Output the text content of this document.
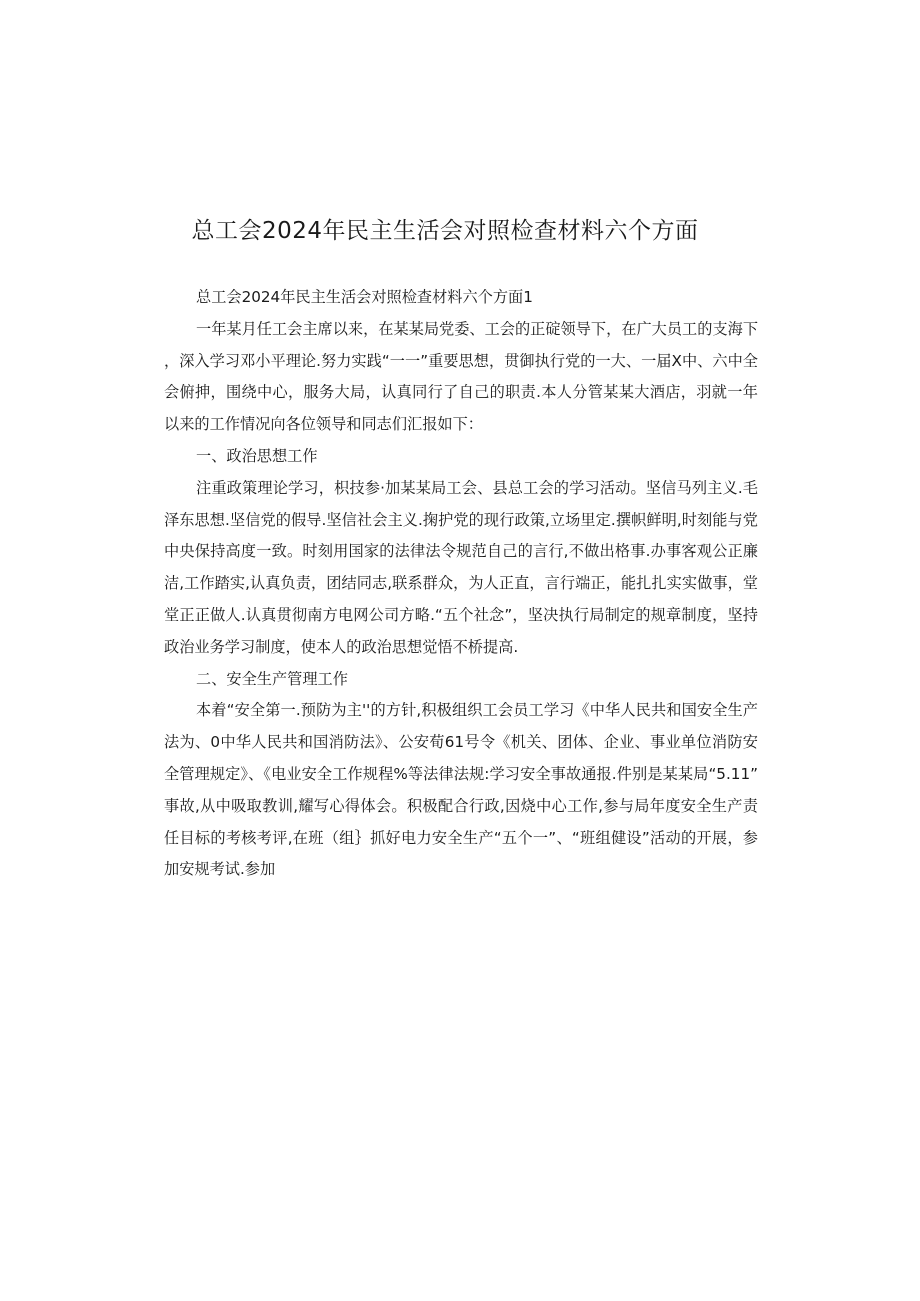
总工会2024年民主生活会对照检查材料六个方面

总工会2024年民主生活会对照检查材料六个方面1

一年某月任工会主席以来，在某某局党委、工会的正碇领导下，在广大员工的支海下，深入学习邓小平理论.努力实践“一一”重要思想，贯御执行党的一大、一届X中、六中全会俯抻，围绕中心，服务大局，认真同行了自己的职责.本人分管某某大酒店，羽就一年以来的工作情况向各位领导和同志们汇报如下：

一、政治思想工作

注重政策理论学习，枳技参·加某某局工会、县总工会的学习活动。坚信马列主义.毛泽东思想.坚信党的假导.坚信社会主义.掬护党的现行政策,立场里定.撰帜鲜明,时刻能与党中央保持高度一致。时刻用国家的法律法令规范自己的言行,不做出格事.办事客观公正廉洁,工作踏实,认真负责，团结同志,联系群众，为人正直，言行端正，能扎扎实实做事，堂堂正正做人.认真贯彻南方电网公司方略.“五个社念”，坚决执行局制定的规章制度，坚持政治业务学习制度，使本人的政治思想觉悟不桥提高.

二、安全生产管理工作

本着“安全第一.预防为主''的方针,积极组织工会员工学习《中华人民共和国安全生产法为、0中华人民共和国消防法》、公安荀61号令《机关、团体、企业、事业单位消防安全管理规定》、《电业安全工作规程%等法律法规:学习安全事故通报.件别是某某局“5.11”事故,从中吸取教训,耀写心得体会。积极配合行政,因烧中心工作,参与局年度安全生产责任目标的考核考评,在班（组｝抓好电力安全生产“五个一”、“班组健设”活动的开展，参加安规考试.参加
